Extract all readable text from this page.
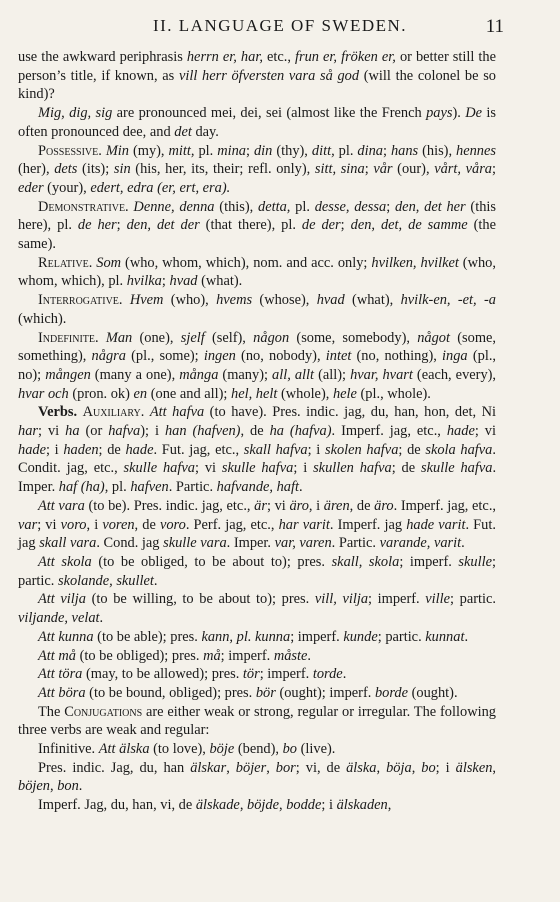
II. LANGUAGE OF SWEDEN.	11

use the awkward periphrasis herrn er, har, etc., frun er, fröken er, or better still the person’s title, if known, as vill herr öfversten vara så god (will the colonel be so kind)?

Mig, dig, sig are pronounced mei, dei, sei (almost like the French pays). De is often pronounced dee, and det day.

Possessive. Min (my), mitt, pl. mina; din (thy), ditt, pl. dina; hans (his), hennes (her), dets (its); sin (his, her, its, their; refl. only), sitt, sina; vår (our), vårt, våra; eder (your), edert, edra (er, ert, era).

Demonstrative. Denne, denna (this), detta, pl. desse, dessa; den, det her (this here), pl. de her; den, det der (that there), pl. de der; den, det, de samme (the same).

Relative. Som (who, whom, which), nom. and acc. only; hvilken, hvilket (who, whom, which), pl. hvilka; hvad (what).

Interrogative. Hvem (who), hvems (whose), hvad (what), hvilk-en, -et, -a (which).

Indefinite. Man (one), sjelf (self), någon (some, somebody), något (some, something), några (pl., some); ingen (no, nobody), intet (no, nothing), inga (pl., no); mången (many a one), många (many); all, allt (all); hvar, hvart (each, every), hvar och (pron. ok) en (one and all); hel, helt (whole), hele (pl., whole).

Verbs. Auxiliary. Att hafva (to have). Pres. indic. jag, du, han, hon, det, Ni har; vi ha (or hafva); i han (hafven), de ha (hafva). Imperf. jag, etc., hade; vi hade; i haden; de hade. Fut. jag, etc., skall hafva; i skolen hafva; de skola hafva. Condit. jag, etc., skulle hafva; vi skulle hafva; i skullen hafva; de skulle hafva. Imper. haf (ha), pl. hafven. Partic. hafvande, haft.

Att vara (to be). Pres. indic. jag, etc., är; vi äro, i ären, de äro. Imperf. jag, etc., var; vi voro, i voren, de voro. Perf. jag, etc., har varit. Imperf. jag hade varit. Fut. jag skall vara. Cond. jag skulle vara. Imper. var, varen. Partic. varande, varit.

Att skola (to be obliged, to be about to); pres. skall, skola; imperf. skulle; partic. skolande, skullet.

Att vilja (to be willing, to be about to); pres. vill, vilja; imperf. ville; partic. viljande, velat.

Att kunna (to be able); pres. kann, pl. kunna; imperf. kunde; partic. kunnat.

Att må (to be obliged); pres. må; imperf. måste.

Att töra (may, to be allowed); pres. tör; imperf. torde.

Att böra (to be bound, obliged); pres. bör (ought); imperf. borde (ought).

The Conjugations are either weak or strong, regular or irregular. The following three verbs are weak and regular:

Infinitive. Att älska (to love), böje (bend), bo (live).

Pres. indic. Jag, du, han älskar, böjer, bor; vi, de älska, böja, bo; i älsken, böjen, bon.

Imperf. Jag, du, han, vi, de älskade, böjde, bodde; i älskaden,
